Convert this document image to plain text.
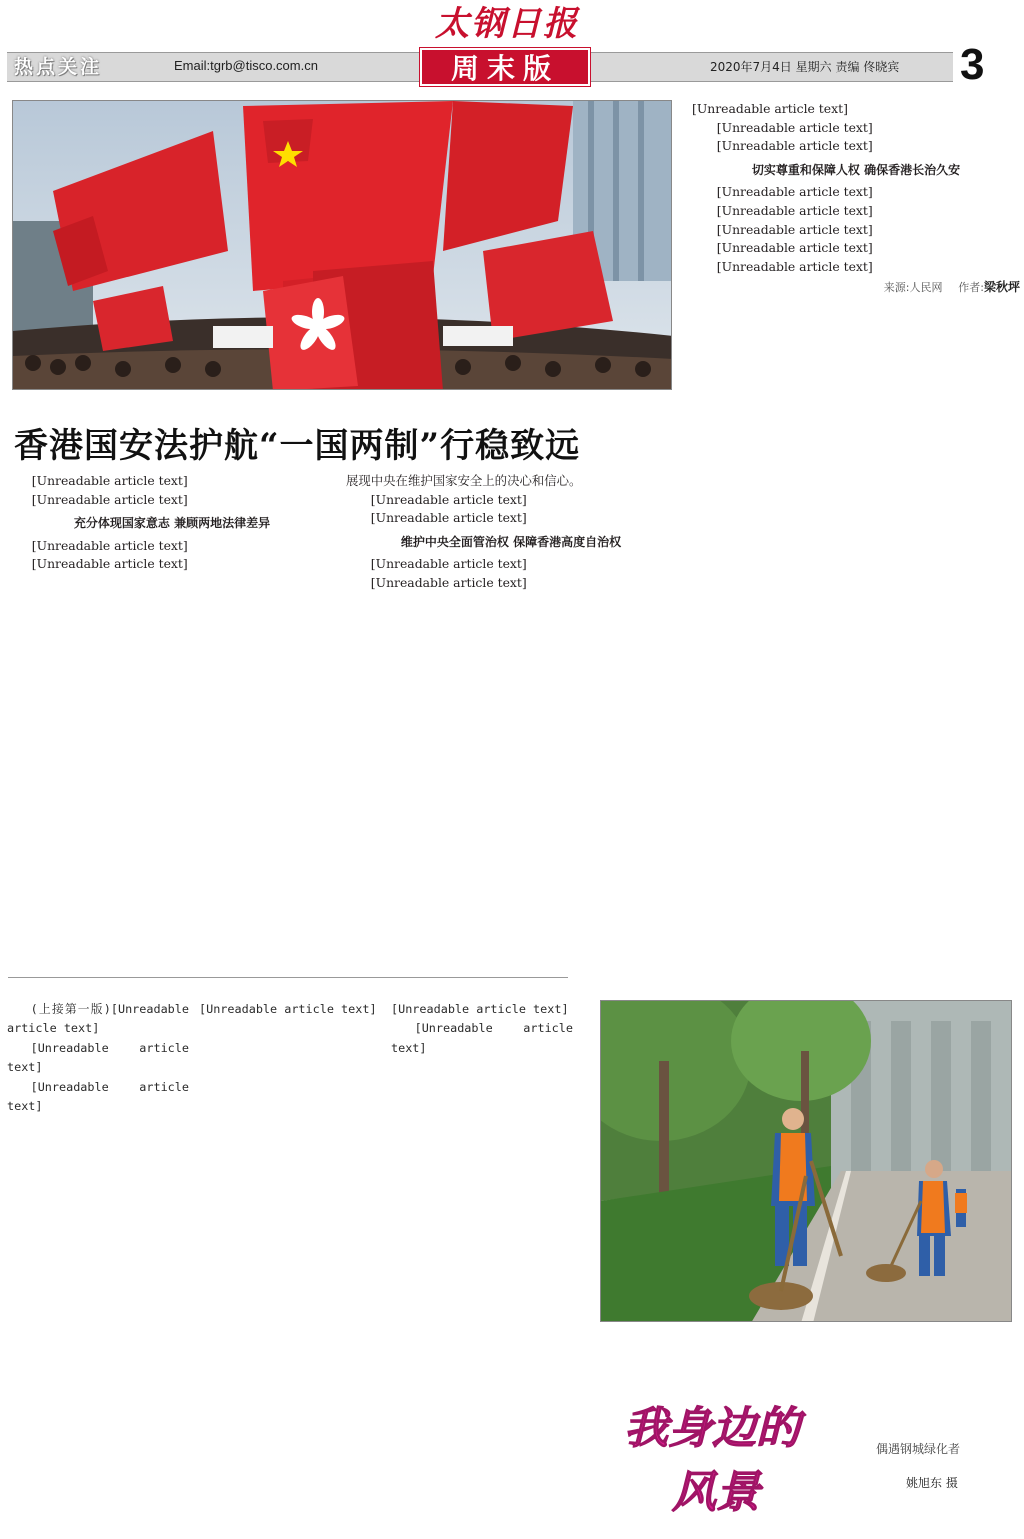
太钢日报
热点关注	Email:tgrb@tisco.com.cn	周末版	2020年7月4日 星期六 责编 佟晓宾 3
香港国安法护航“一国两制”行稳致远

[Unreadable article text]

[Unreadable article text]

充分体现国家意志 兼顾两地法律差异

[Unreadable article text]

[Unreadable article text]

展现中央在维护国家安全上的决心和信心。

[Unreadable article text]

[Unreadable article text]

维护中央全面管治权 保障香港高度自治权

[Unreadable article text]

[Unreadable article text]

[Unreadable article text]

[Unreadable article text]

[Unreadable article text]

切实尊重和保障人权 确保香港长治久安

[Unreadable article text]

[Unreadable article text]

[Unreadable article text]

[Unreadable article text]

[Unreadable article text]

来源:人民网 作者:梁秋坪

(上接第一版)[Unreadable article text]

[Unreadable article text]

[Unreadable article text]

[Unreadable article text]	[Unreadable article text]

[Unreadable article text]

我身边的
风景
偶遇钢城绿化者
姚旭东 摄
